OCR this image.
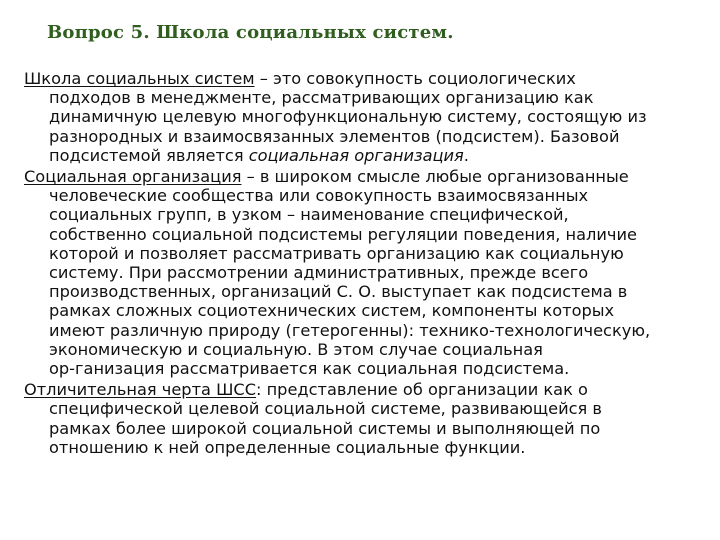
Вопрос 5. Школа социальных систем.
Школа социальных систем – это совокупность социологических
подходов в менеджменте, рассматривающих организацию как
динамичную целевую многофункциональную систему, состоящую из
разнородных и взаимосвязанных элементов (подсистем). Базовой
подсистемой является социальная организация.
Социальная организация – в широком смысле любые организованные
человеческие сообщества или совокупность взаимосвязанных
социальных групп, в узком – наименование специфической,
собственно социальной подсистемы регуляции поведения, наличие
которой и позволяет рассматривать организацию как социальную
систему. При рассмотрении административных, прежде всего
производственных, организаций С. О. выступает как подсистема в
рамках сложных социотехнических систем, компоненты которых
имеют различную природу (гетерогенны): технико-технологическую,
экономическую и социальную. В этом случае социальная
ор-ганизация рассматривается как социальная подсистема.
Отличительная черта ШСС: представление об организации как о
специфической целевой социальной системе, развивающейся в
рамках более широкой социальной системы и выполняющей по
отношению к ней определенные социальные функции.
